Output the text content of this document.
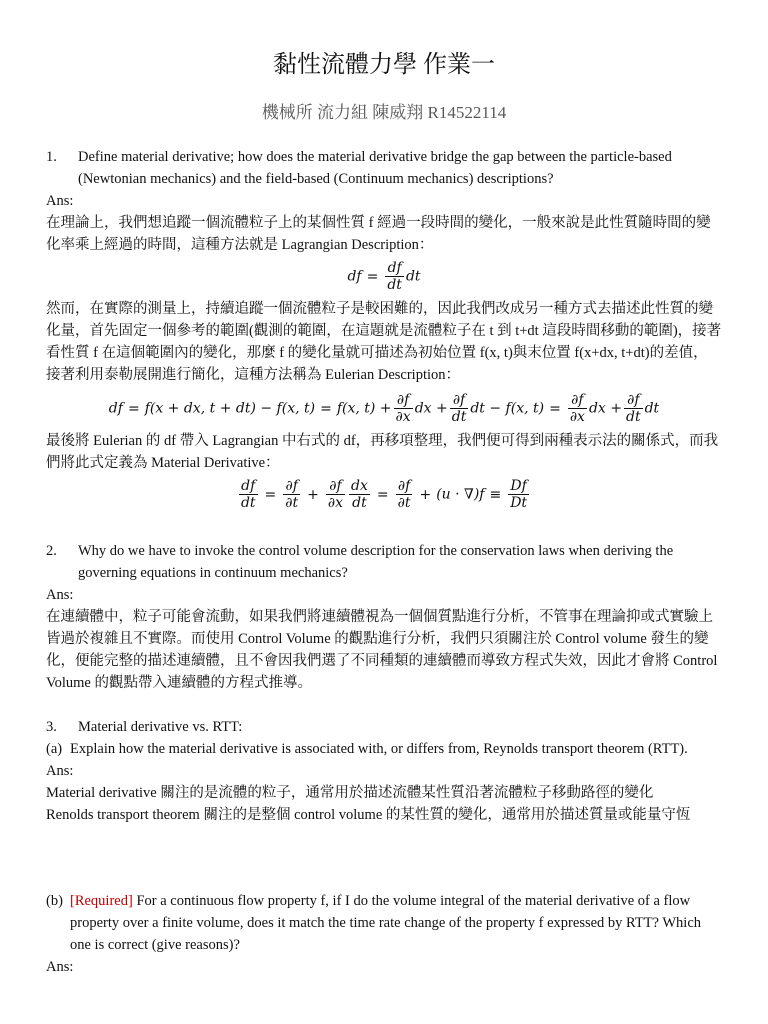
黏性流體力學 作業一
機械所 流力組 陳威翔 R14522114
1. Define material derivative; how does the material derivative bridge the gap between the particle-based (Newtonian mechanics) and the field-based (Continuum mechanics) descriptions?
Ans:
在理論上，我們想追蹤一個流體粒子上的某個性質 f 經過一段時間的變化，一般來說是此性質隨時間的變化率乘上經過的時間，這種方法就是 Lagrangian Description：
df = $\frac{df}{dt}$ dt
然而，在實際的測量上，持續追蹤一個流體粒子是較困難的，因此我們改成另一種方式去描述此性質的變化量，首先固定一個參考的範圍(觀測的範圍，在這題就是流體粒子在 t 到 t+dt 這段時間移動的範圍)，接著看性質 f 在這個範圍內的變化，那麼 f 的變化量就可描述為初始位置 f(x, t)與末位置 f(x+dx, t+dt)的差值，接著利用泰勒展開進行簡化，這種方法稱為 Eulerian Description：
df = f(x + dx, t + dt) − f(x, t) = f(x, $t) + \frac{\partial f}{\partial x}$ dx + $\frac{\partial f}{dt}$ dt − f(x, $t) = \frac{\partial f}{\partial x}$ dx + $\frac{\partial f}{dt}$ dt
最後將 Eulerian 的 df 帶入 Lagrangian 中右式的 df，再移項整理，我們便可得到兩種表示法的關係式，而我們將此式定義為 Material Derivative：
$\frac{df}{dt} = \frac{\partial f}{\partial t} + \frac{\partial f}{\partial x} \frac{dx}{dt} = \frac{\partial f}{\partial t} + (u \cdot \nabla)f \equiv \frac{Df}{Dt}$
2. Why do we have to invoke the control volume description for the conservation laws when deriving the governing equations in continuum mechanics?
Ans:
在連續體中，粒子可能會流動，如果我們將連續體視為一個個質點進行分析，不管事在理論抑或式實驗上皆過於複雜且不實際。而使用 Control Volume 的觀點進行分析，我們只須關注於 Control volume 發生的變化，便能完整的描述連續體，且不會因我們選了不同種類的連續體而導致方程式失效，因此才會將 Control Volume 的觀點帶入連續體的方程式推導。
3. Material derivative vs. RTT:
(a) Explain how the material derivative is associated with, or differs from, Reynolds transport theorem (RTT).
Ans:
Material derivative 關注的是流體的粒子，通常用於描述流體某性質沿著流體粒子移動路徑的變化
Renolds transport theorem 關注的是整個 control volume 的某性質的變化，通常用於描述質量或能量守恆
(b) [Required] For a continuous flow property f, if I do the volume integral of the material derivative of a flow property over a finite volume, does it match the time rate change of the property f expressed by RTT? Which one is correct (give reasons)?
Ans:
